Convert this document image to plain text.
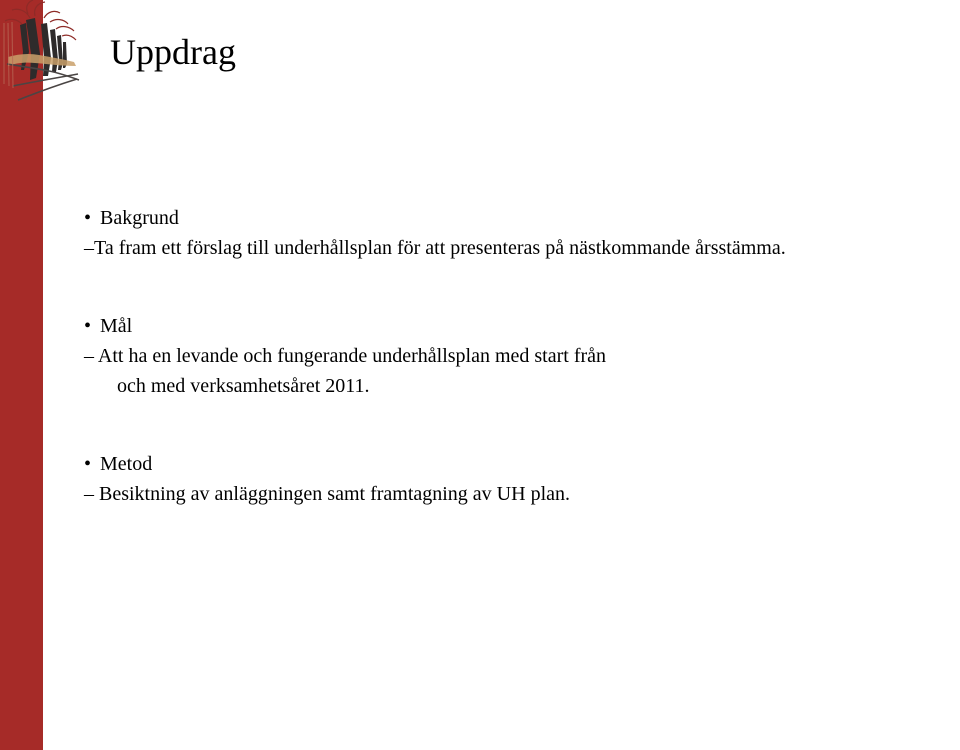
Uppdrag
• Bakgrund
–Ta fram ett förslag till underhållsplan för att presenteras på nästkommande årsstämma.
• Mål
– Att ha en levande och fungerande underhållsplan med start från
och med verksamhetsåret 2011.
• Metod
– Besiktning av anläggningen samt framtagning av UH plan.
